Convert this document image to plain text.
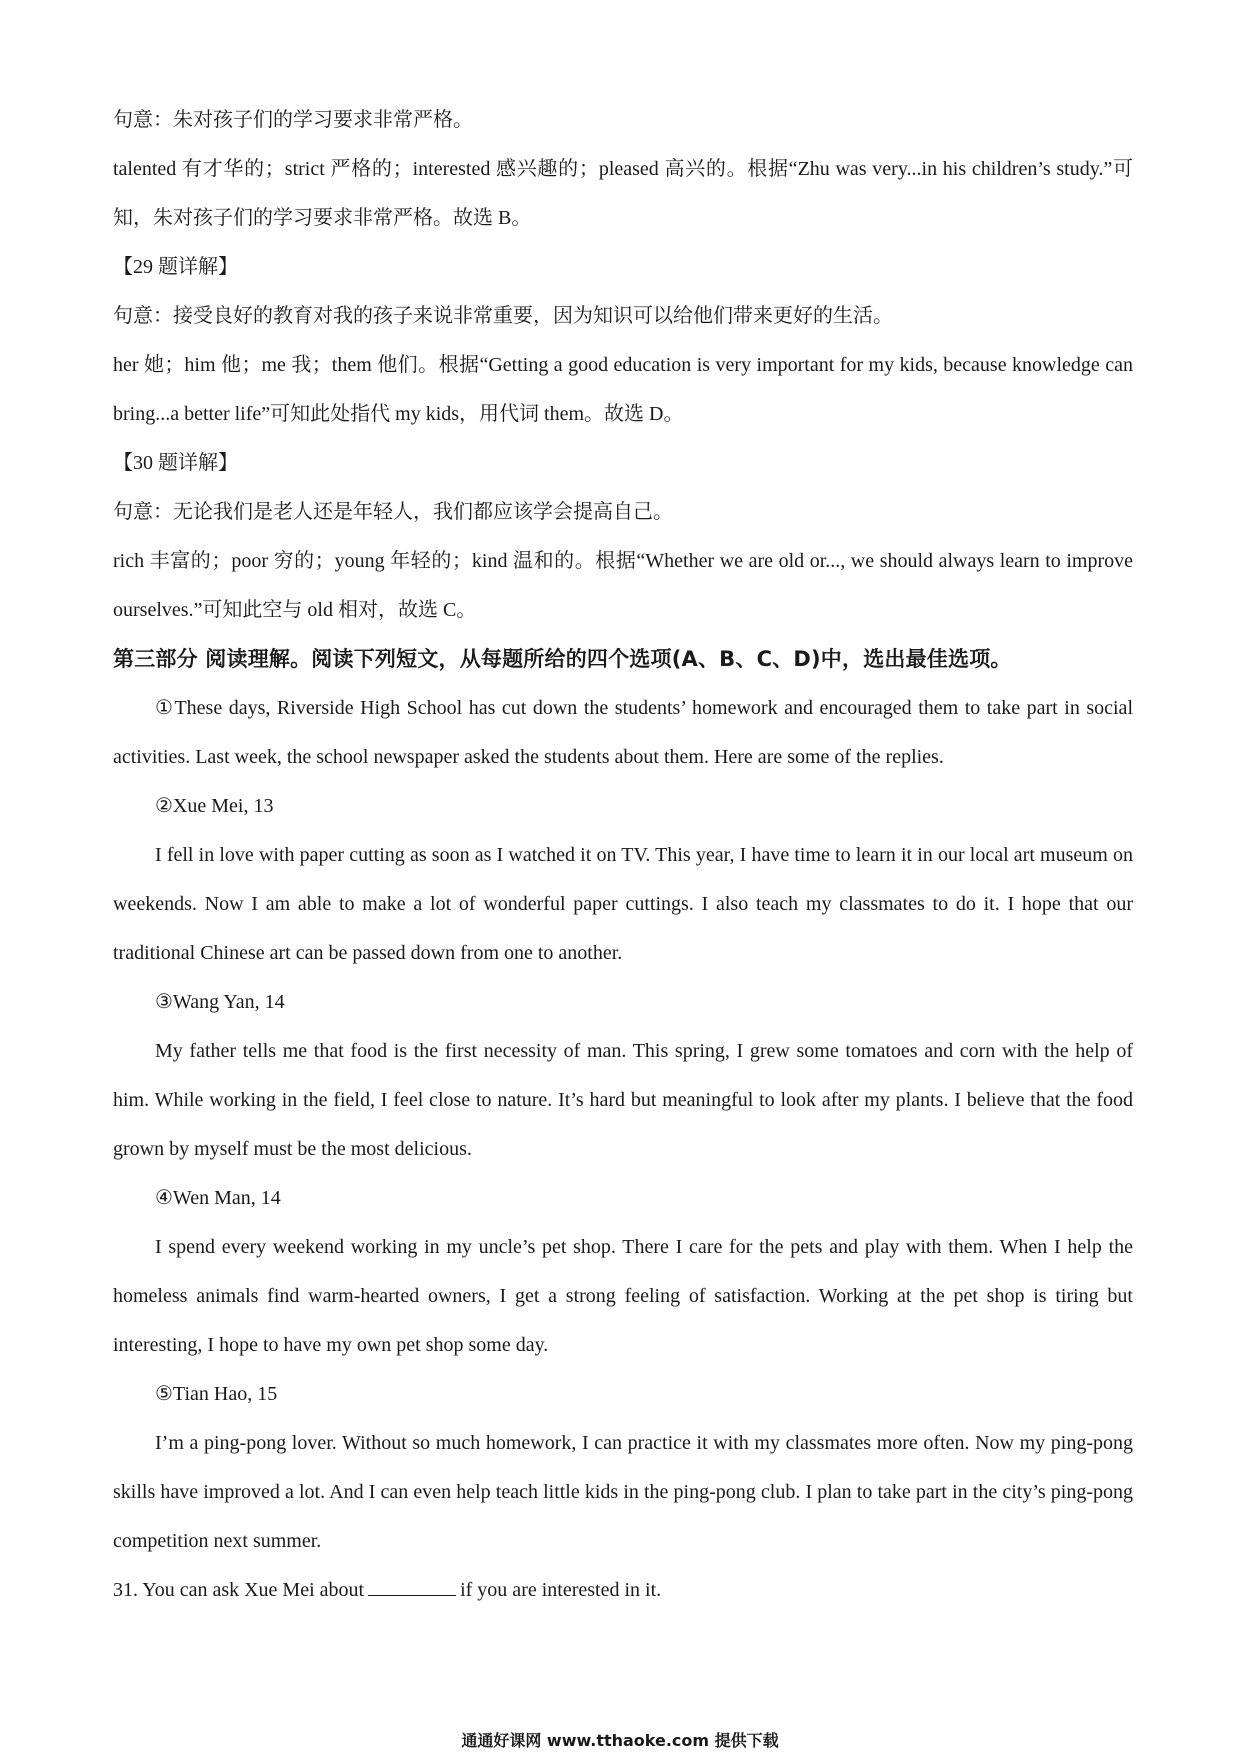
句意：朱对孩子们的学习要求非常严格。

talented 有才华的；strict 严格的；interested 感兴趣的；pleased 高兴的。根据“Zhu was very...in his children’s study.”可知，朱对孩子们的学习要求非常严格。故选 B。

【29 题详解】

句意：接受良好的教育对我的孩子来说非常重要，因为知识可以给他们带来更好的生活。

her 她；him 他；me 我；them 他们。根据“Getting a good education is very important for my kids, because knowledge can bring...a better life”可知此处指代 my kids，用代词 them。故选 D。

【30 题详解】

句意：无论我们是老人还是年轻人，我们都应该学会提高自己。

rich 丰富的；poor 穷的；young 年轻的；kind 温和的。根据“Whether we are old or..., we should always learn to improve ourselves.”可知此空与 old 相对，故选 C。

第三部分 阅读理解。阅读下列短文，从每题所给的四个选项(A、B、C、D)中，选出最佳选项。

①These days, Riverside High School has cut down the students’ homework and encouraged them to take part in social activities. Last week, the school newspaper asked the students about them. Here are some of the replies.

②Xue Mei, 13

I fell in love with paper cutting as soon as I watched it on TV. This year, I have time to learn it in our local art museum on weekends. Now I am able to make a lot of wonderful paper cuttings. I also teach my classmates to do it. I hope that our traditional Chinese art can be passed down from one to another.

③Wang Yan, 14

My father tells me that food is the first necessity of man. This spring, I grew some tomatoes and corn with the help of him. While working in the field, I feel close to nature. It’s hard but meaningful to look after my plants. I believe that the food grown by myself must be the most delicious.

④Wen Man, 14

I spend every weekend working in my uncle’s pet shop. There I care for the pets and play with them. When I help the homeless animals find warm-hearted owners, I get a strong feeling of satisfaction. Working at the pet shop is tiring but interesting, I hope to have my own pet shop some day.

⑤Tian Hao, 15

I’m a ping-pong lover. Without so much homework, I can practice it with my classmates more often. Now my ping-pong skills have improved a lot. And I can even help teach little kids in the ping-pong club. I plan to take part in the city’s ping-pong competition next summer.

31. You can ask Xue Mei about	if you are interested in it.

通通好课网 www.tthaoke.com 提供下载
